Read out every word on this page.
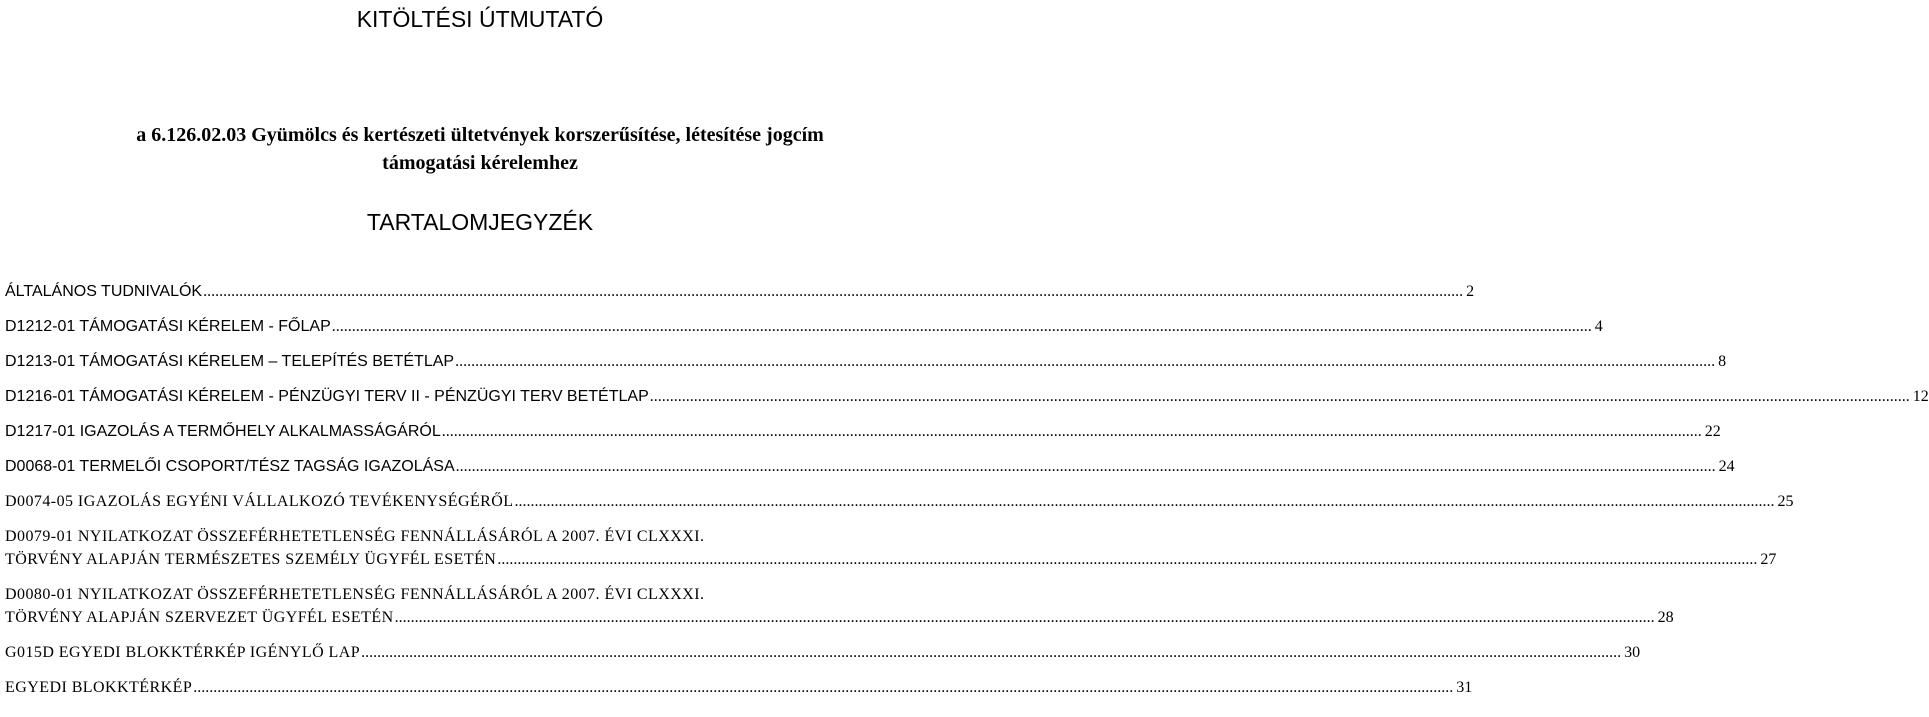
KITÖLTÉSI ÚTMUTATÓ
a 6.126.02.03 Gyümölcs és kertészeti ültetvények korszerűsítése, létesítése jogcím
támogatási kérelemhez
TARTALOMJEGYZÉK
ÁLTALÁNOS TUDNIVALÓK .....	2
D1212-01 TÁMOGATÁSI KÉRELEM - FŐLAP .....	4
D1213-01 TÁMOGATÁSI KÉRELEM – TELEPÍTÉS BETÉTLAP .....	8
D1216-01 TÁMOGATÁSI KÉRELEM - PÉNZÜGYI TERV II - PÉNZÜGYI TERV BETÉTLAP .....	12
D1217-01 IGAZOLÁS A TERMŐHELY ALKALMASSÁGÁRÓL .....	22
D0068-01 TERMELŐI CSOPORT/TÉSZ TAGSÁG IGAZOLÁSA .....	24
D0074-05 IGAZOLÁS EGYÉNI VÁLLALKOZÓ TEVÉKENYSÉGÉRŐL .....	25
D0079-01 NYILATKOZAT ÖSSZEFÉRHETETLENSÉG FENNÁLLÁSÁRÓL A 2007. ÉVI CLXXXI.
TÖRVÉNY ALAPJÁN TERMÉSZETES SZEMÉLY ÜGYFÉL ESETÉN .....	27
D0080-01 NYILATKOZAT ÖSSZEFÉRHETETLENSÉG FENNÁLLÁSÁRÓL A 2007. ÉVI CLXXXI.
TÖRVÉNY ALAPJÁN SZERVEZET ÜGYFÉL ESETÉN .....	28
G015D EGYEDI BLOKKTÉRKÉP IGÉNYLŐ LAP .....	30
EGYEDI BLOKKTÉRKÉP .....	31
